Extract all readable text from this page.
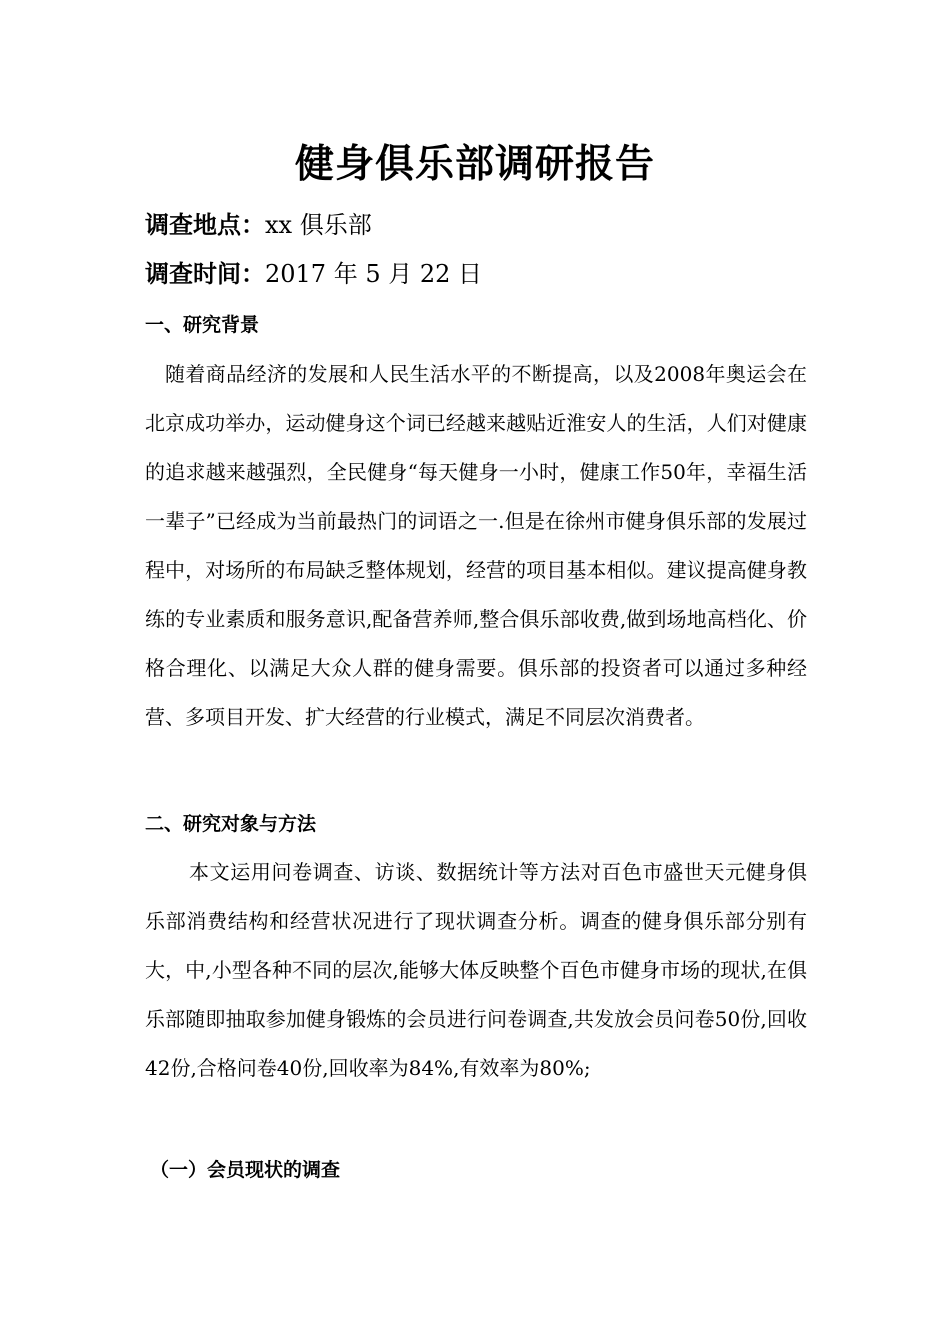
健身俱乐部调研报告
调查地点：xx 俱乐部
调查时间：2017 年 5 月 22 日
一、研究背景
随着商品经济的发展和人民生活水平的不断提高，以及2008年奥运会在北京成功举办，运动健身这个词已经越来越贴近淮安人的生活，人们对健康的追求越来越强烈，全民健身“每天健身一小时，健康工作50年，幸福生活一辈子”已经成为当前最热门的词语之一.但是在徐州市健身俱乐部的发展过程中，对场所的布局缺乏整体规划，经营的项目基本相似。建议提高健身教练的专业素质和服务意识,配备营养师,整合俱乐部收费,做到场地高档化、价格合理化、以满足大众人群的健身需要。俱乐部的投资者可以通过多种经营、多项目开发、扩大经营的行业模式，满足不同层次消费者。
二、研究对象与方法
本文运用问卷调查、访谈、数据统计等方法对百色市盛世天元健身俱乐部消费结构和经营状况进行了现状调查分析。调查的健身俱乐部分别有大，中,小型各种不同的层次,能够大体反映整个百色市健身市场的现状,在俱乐部随即抽取参加健身锻炼的会员进行问卷调查,共发放会员问卷50份,回收42份,合格问卷40份,回收率为84%,有效率为80%;
（一）会员现状的调查
